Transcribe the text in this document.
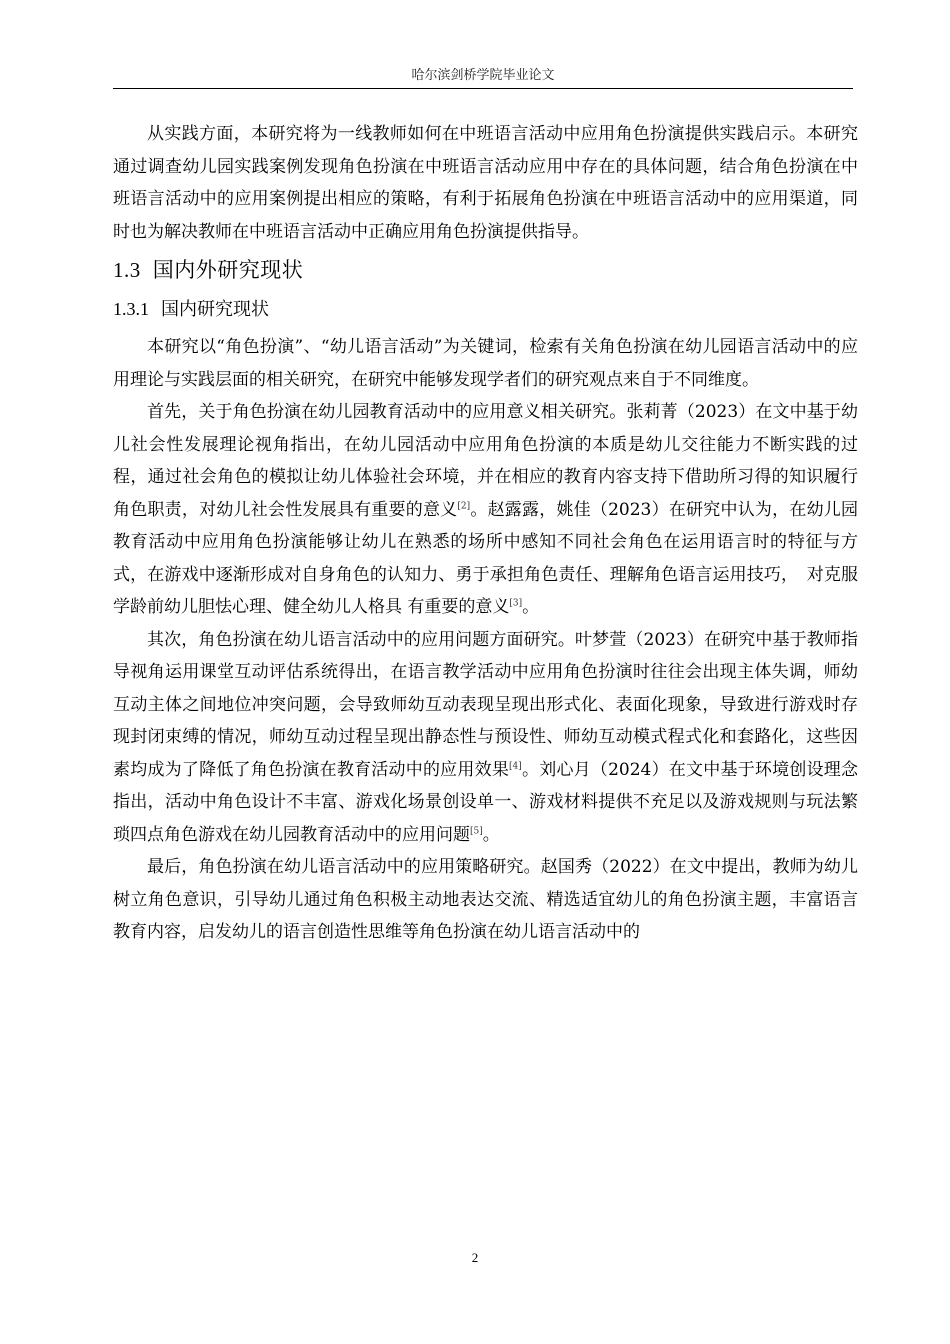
哈尔滨剑桥学院毕业论文

从实践方面，本研究将为一线教师如何在中班语言活动中应用角色扮演提供实践启示。本研究通过调查幼儿园实践案例发现角色扮演在中班语言活动应用中存在的具体问题，结合角色扮演在中班语言活动中的应用案例提出相应的策略，有利于拓展角色扮演在中班语言活动中的应用渠道，同时也为解决教师在中班语言活动中正确应用角色扮演提供指导。

1.3 国内外研究现状
1.3.1 国内研究现状

本研究以“角色扮演”、“幼儿语言活动”为关键词，检索有关角色扮演在幼儿园语言活动中的应用理论与实践层面的相关研究，在研究中能够发现学者们的研究观点来自于不同维度。

首先，关于角色扮演在幼儿园教育活动中的应用意义相关研究。张莉菁（2023）在文中基于幼儿社会性发展理论视角指出，在幼儿园活动中应用角色扮演的本质是幼儿交往能力不断实践的过程，通过社会角色的模拟让幼儿体验社会环境，并在相应的教育内容支持下借助所习得的知识履行角色职责，对幼儿社会性发展具有重要的意义[2]。赵露露，姚佳（2023）在研究中认为，在幼儿园教育活动中应用角色扮演能够让幼儿在熟悉的场所中感知不同社会角色在运用语言时的特征与方式，在游戏中逐渐形成对自身角色的认知力、勇于承担角色责任、理解角色语言运用技巧，　对克服学龄前幼儿胆怯心理、健全幼儿人格具 有重要的意义[3]。

其次，角色扮演在幼儿语言活动中的应用问题方面研究。叶梦萱（2023）在研究中基于教师指导视角运用课堂互动评估系统得出，在语言教学活动中应用角色扮演时往往会出现主体失调，师幼互动主体之间地位冲突问题，会导致师幼互动表现呈现出形式化、表面化现象，导致进行游戏时存现封闭束缚的情况，师幼互动过程呈现出静态性与预设性、师幼互动模式程式化和套路化，这些因素均成为了降低了角色扮演在教育活动中的应用效果[4]。刘心月（2024）在文中基于环境创设理念指出，活动中角色设计不丰富、游戏化场景创设单一、游戏材料提供不充足以及游戏规则与玩法繁琐四点角色游戏在幼儿园教育活动中的应用问题[5]。

最后，角色扮演在幼儿语言活动中的应用策略研究。赵国秀（2022）在文中提出，教师为幼儿树立角色意识，引导幼儿通过角色积极主动地表达交流、精选适宜幼儿的角色扮演主题，丰富语言教育内容，启发幼儿的语言创造性思维等角色扮演在幼儿语言活动中的

2
